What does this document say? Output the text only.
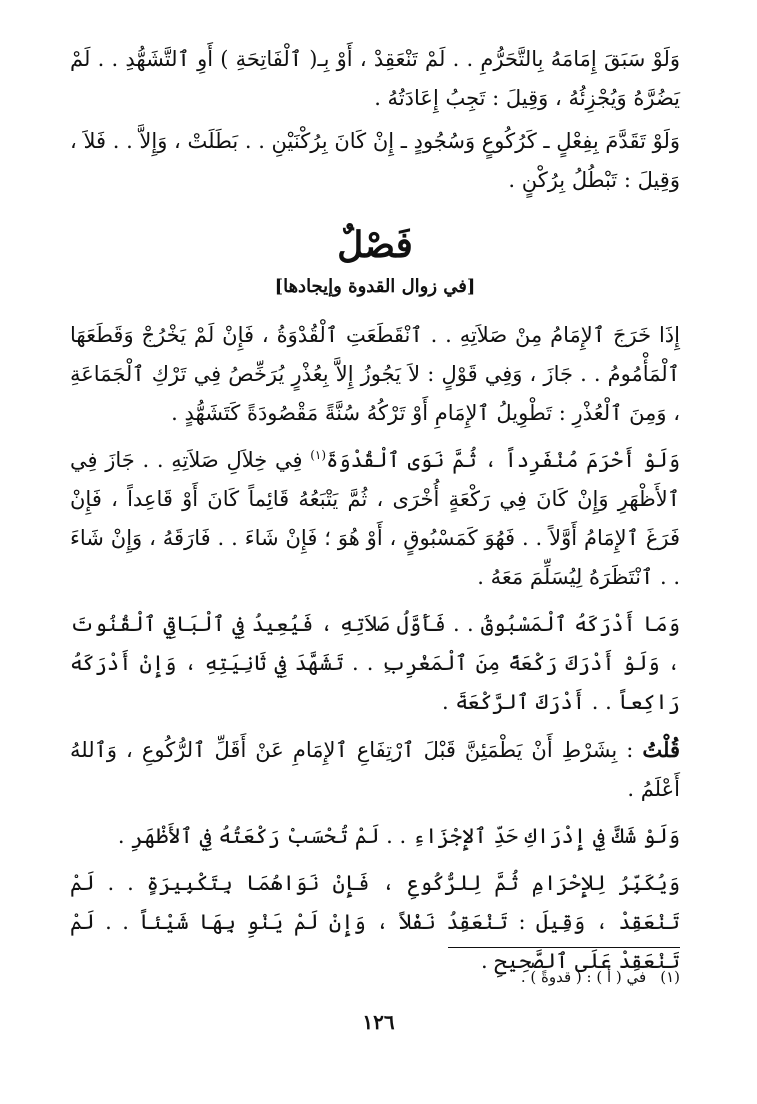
وَلَوْ سَبَقَ إِمَامَهُ بِالتَّحَرُّمِ . . لَمْ تَنْعَقِدْ ، أَوْ بِـ( ٱلْفَاتِحَةِ ) أَوِ ٱلتَّشَهُّدِ . . لَمْ يَضُرَّهُ وَيُجْزِئُهُ ، وَقِيلَ : تَجِبُ إِعَادَتُهُ .

وَلَوْ تَقَدَّمَ بِفِعْلٍ ـ كَرُكُوعٍ وَسُجُودٍ ـ إِنْ كَانَ بِرُكْنَيْنِ . . بَطَلَتْ ، وَإِلاَّ . . فَلاَ ، وَقِيلَ : تَبْطُلُ بِرُكْنٍ .

فَصْلٌ
[في زوال القدوة وإيجادها]

إِذَا خَرَجَ ٱلإِمَامُ مِنْ صَلاَتِهِ . . ٱنْقَطَعَتِ ٱلْقُدْوَةُ ، فَإِنْ لَمْ يَخْرُجْ وَقَطَعَهَا ٱلْمَأْمُومُ . . جَازَ ، وَفِي قَوْلٍ : لاَ يَجُوزُ إِلاَّ بِعُذْرٍ يُرَخِّصُ فِي تَرْكِ ٱلْجَمَاعَةِ ، وَمِنَ ٱلْعُذْرِ : تَطْوِيلُ ٱلإِمَامِ أَوْ تَرْكُهُ سُنَّةً مَقْصُودَةً كَتَشَهُّدٍ .

وَلَوْ أَحْرَمَ مُنْفَرِداً ، ثُمَّ نَوَى ٱلْقُدْوَةَ$^{(١)}$ فِي خِلاَلِ صَلاَتِهِ . . جَازَ فِي ٱلأَظْهَرِ وَإِنْ كَانَ فِي رَكْعَةٍ أُخْرَى ، ثُمَّ يَتْبَعُهُ قَائِماً كَانَ أَوْ قَاعِداً ، فَإِنْ فَرَغَ ٱلإِمَامُ أَوَّلاً . . فَهُوَ كَمَسْبُوقٍ ، أَوْ هُوَ ؛ فَإِنْ شَاءَ . . فَارَقَهُ ، وَإِنْ شَاءَ . . ٱنْتَظَرَهُ لِيُسَلِّمَ مَعَهُ .

وَمَا أَدْرَكَهُ ٱلْمَسْبُوقُ . . فَأَوَّلُ صَلاَتِهِ ، فَيُعِيدُ فِي ٱلْبَاقِي ٱلْقُنُوتَ ، وَلَوْ أَدْرَكَ رَكْعَةً مِنَ ٱلْمَغْرِبِ . . تَشَهَّدَ فِي ثَانِيَتِهِ ، وَإِنْ أَدْرَكَهُ رَاكِعاً . . أَدْرَكَ ٱلرَّكْعَةَ .

قُلْتُ : بِشَرْطِ أَنْ يَطْمَئِنَّ قَبْلَ ٱرْتِفَاعِ ٱلإِمَامِ عَنْ أَقَلِّ ٱلرُّكُوعِ ، وَٱللهُ أَعْلَمُ .

وَلَوْ شَكَّ فِي إِدْرَاكِ حَدِّ ٱلإِجْزَاءِ . . لَمْ تُحْسَبْ رَكْعَتُهُ فِي ٱلأَظْهَرِ .

وَيُكَبِّرُ لِلإِحْرَامِ ثُمَّ لِلرُّكُوعِ ، فَإِنْ نَوَاهُمَا بِتَكْبِيرَةٍ . . لَمْ تَنْعَقِدْ ، وَقِيلَ : تَنْعَقِدُ نَفْلاً ، وَإِنْ لَمْ يَنْوِ بِهَا شَيْئاً . . لَمْ تَنْعَقِدْ عَلَى ٱلصَّحِيحِ .

(١)في ( أ ) : ( قدوةً ) .
١٢٦
